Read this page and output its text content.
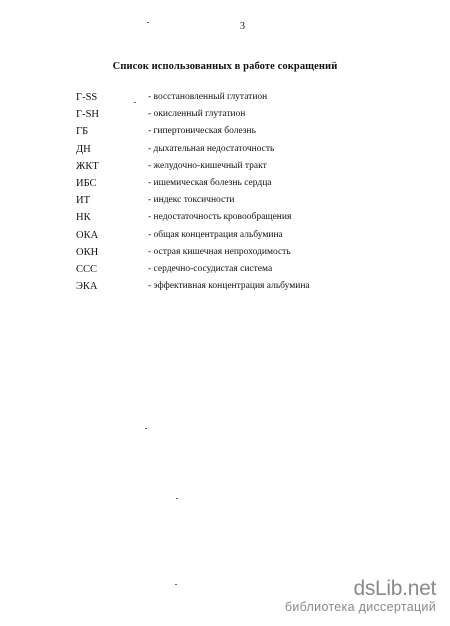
3
Список использованных в работе сокращений
Г-SS	- восстановленный глутатион
Г-SH	- окисленный глутатион
ГБ	- гипертоническая болезнь
ДН	- дыхательная недостаточность
ЖКТ	- желудочно-кишечный тракт
ИБС	- ишемическая болезнь сердца
ИТ	- индекс токсичности
НК	- недостаточность кровообращения
ОКА	- общая концентрация альбумина
ОКН	- острая кишечная непроходимость
ССС	- сердечно-сосудистая система
ЭКА	- эффективная концентрация альбумина
dsLib.net
библиотека диссертаций
